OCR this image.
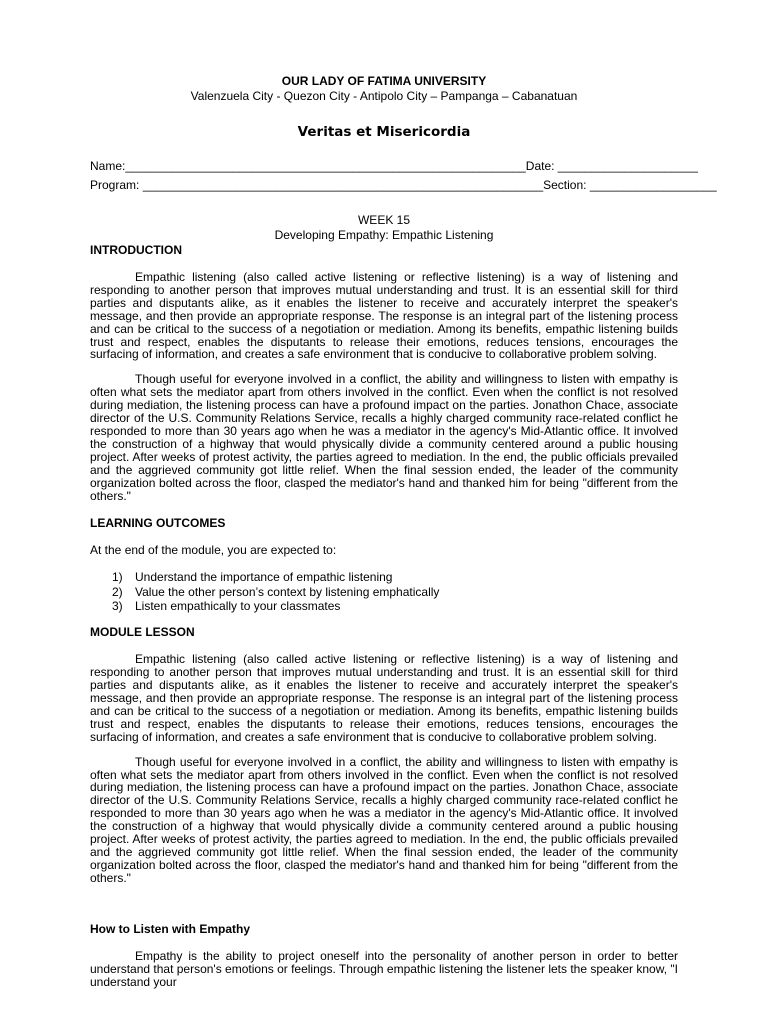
OUR LADY OF FATIMA UNIVERSITY
Valenzuela City - Quezon City - Antipolo City – Pampanga – Cabanatuan
Veritas et Misericordia
Name:____________________________________________________________Date: _____________________
Program: ____________________________________________________________Section: ___________________
WEEK 15
Developing Empathy: Empathic Listening
INTRODUCTION

Empathic listening (also called active listening or reflective listening) is a way of listening and responding to another person that improves mutual understanding and trust. It is an essential skill for third parties and disputants alike, as it enables the listener to receive and accurately interpret the speaker's message, and then provide an appropriate response. The response is an integral part of the listening process and can be critical to the success of a negotiation or mediation. Among its benefits, empathic listening builds trust and respect, enables the disputants to release their emotions, reduces tensions, encourages the surfacing of information, and creates a safe environment that is conducive to collaborative problem solving.

Though useful for everyone involved in a conflict, the ability and willingness to listen with empathy is often what sets the mediator apart from others involved in the conflict. Even when the conflict is not resolved during mediation, the listening process can have a profound impact on the parties. Jonathon Chace, associate director of the U.S. Community Relations Service, recalls a highly charged community race-related conflict he responded to more than 30 years ago when he was a mediator in the agency's Mid-Atlantic office. It involved the construction of a highway that would physically divide a community centered around a public housing project. After weeks of protest activity, the parties agreed to mediation. In the end, the public officials prevailed and the aggrieved community got little relief. When the final session ended, the leader of the community organization bolted across the floor, clasped the mediator's hand and thanked him for being "different from the others."

LEARNING OUTCOMES
At the end of the module, you are expected to:
1)	Understand the importance of empathic listening
2)	Value the other person’s context by listening emphatically
3)	Listen empathically to your classmates
MODULE LESSON

Empathic listening (also called active listening or reflective listening) is a way of listening and responding to another person that improves mutual understanding and trust. It is an essential skill for third parties and disputants alike, as it enables the listener to receive and accurately interpret the speaker's message, and then provide an appropriate response. The response is an integral part of the listening process and can be critical to the success of a negotiation or mediation. Among its benefits, empathic listening builds trust and respect, enables the disputants to release their emotions, reduces tensions, encourages the surfacing of information, and creates a safe environment that is conducive to collaborative problem solving.

Though useful for everyone involved in a conflict, the ability and willingness to listen with empathy is often what sets the mediator apart from others involved in the conflict. Even when the conflict is not resolved during mediation, the listening process can have a profound impact on the parties. Jonathon Chace, associate director of the U.S. Community Relations Service, recalls a highly charged community race-related conflict he responded to more than 30 years ago when he was a mediator in the agency's Mid-Atlantic office. It involved the construction of a highway that would physically divide a community centered around a public housing project. After weeks of protest activity, the parties agreed to mediation. In the end, the public officials prevailed and the aggrieved community got little relief. When the final session ended, the leader of the community organization bolted across the floor, clasped the mediator's hand and thanked him for being "different from the others."

How to Listen with Empathy

Empathy is the ability to project oneself into the personality of another person in order to better understand that person's emotions or feelings. Through empathic listening the listener lets the speaker know, "I understand your
